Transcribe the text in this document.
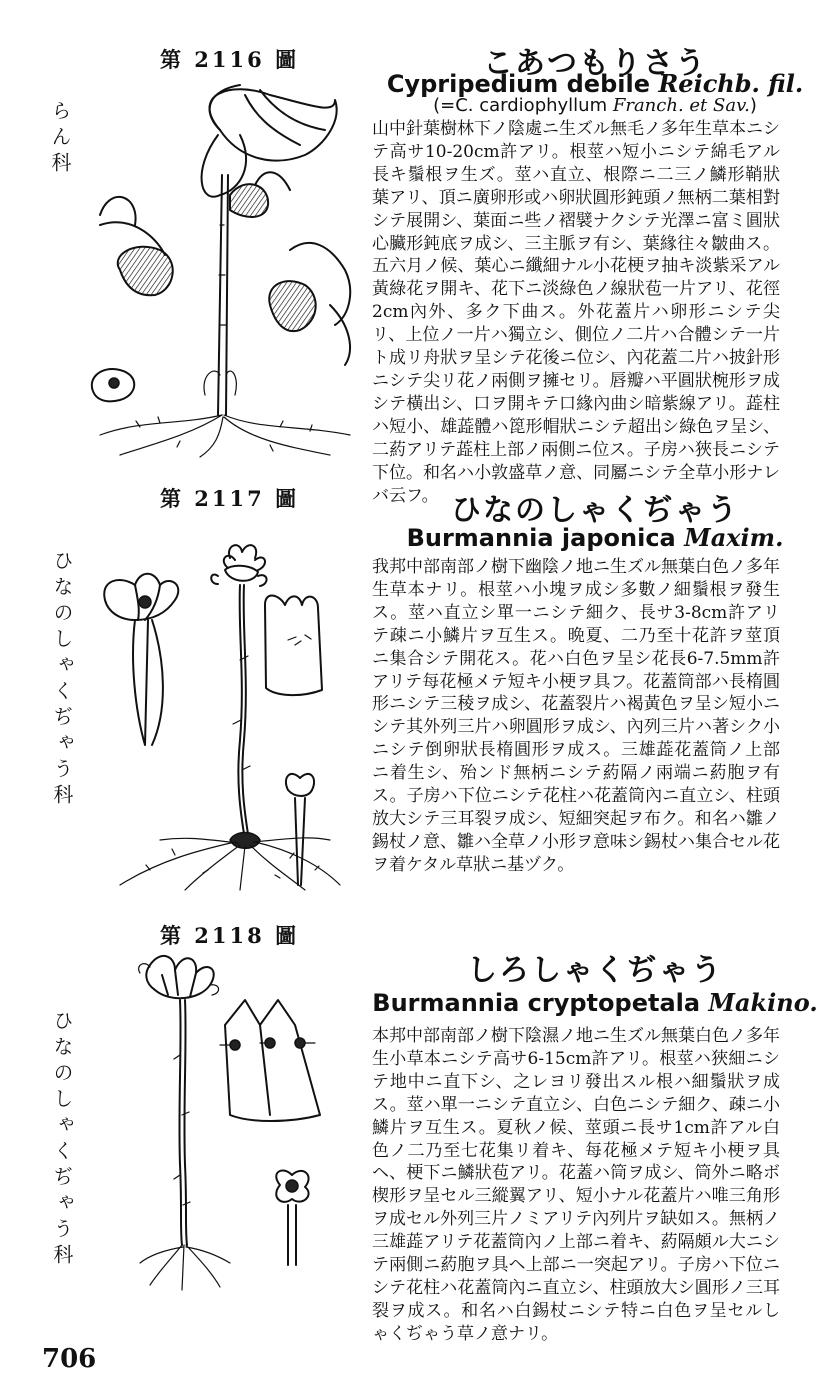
第 2116 圖
らん科
こあつもりさう
Cypripedium debile Reichb. fil.
(=C. cardiophyllum Franch. et Sav.)
山中針葉樹林下ノ陰處ニ生ズル無毛ノ多年生草本ニシテ高サ10-20cm許アリ。根莖ハ短小ニシテ綿毛アル長キ鬚根ヲ生ズ。莖ハ直立、根際ニ二三ノ鱗形鞘狀葉アリ、頂ニ廣卵形或ハ卵狀圓形鈍頭ノ無柄二葉相對シテ展開シ、葉面ニ些ノ褶襞ナクシテ光澤ニ富ミ圓狀心臟形鈍底ヲ成シ、三主脈ヲ有シ、葉緣往々皺曲ス。五六月ノ候、葉心ニ纖細ナル小花梗ヲ抽キ淡紫采アル黃綠花ヲ開キ、花下ニ淡綠色ノ線狀苞一片アリ、花徑2cm內外、多ク下曲ス。外花蓋片ハ卵形ニシテ尖リ、上位ノ一片ハ獨立シ、側位ノ二片ハ合體シテ一片ト成リ舟狀ヲ呈シテ花後ニ位シ、內花蓋二片ハ披針形ニシテ尖リ花ノ兩側ヲ擁セリ。唇瓣ハ平圓狀椀形ヲ成シテ橫出シ、口ヲ開キテ口緣內曲シ暗紫線アリ。蕋柱ハ短小、雄蕋體ハ箆形帽狀ニシテ超出シ綠色ヲ呈シ、二葯アリテ蕋柱上部ノ兩側ニ位ス。子房ハ狹長ニシテ下位。和名ハ小敦盛草ノ意、同屬ニシテ全草小形ナレバ云フ。
第 2117 圖
ひなのしゃくぢゃう科
ひなのしゃくぢゃう
Burmannia japonica Maxim.
我邦中部南部ノ樹下幽陰ノ地ニ生ズル無葉白色ノ多年生草本ナリ。根莖ハ小塊ヲ成シ多數ノ細鬚根ヲ發生ス。莖ハ直立シ單一ニシテ細ク、長サ3-8cm許アリテ疎ニ小鱗片ヲ互生ス。晩夏、二乃至十花許ヲ莖頂ニ集合シテ開花ス。花ハ白色ヲ呈シ花長6-7.5mm許アリテ每花極メテ短キ小梗ヲ具フ。花蓋筒部ハ長楕圓形ニシテ三稜ヲ成シ、花蓋裂片ハ褐黃色ヲ呈シ短小ニシテ其外列三片ハ卵圓形ヲ成シ、內列三片ハ著シク小ニシテ倒卵狀長楕圓形ヲ成ス。三雄蕋花蓋筒ノ上部ニ着生シ、殆ンド無柄ニシテ葯隔ノ兩端ニ葯胞ヲ有ス。子房ハ下位ニシテ花柱ハ花蓋筒內ニ直立シ、柱頭放大シテ三耳裂ヲ成シ、短細突起ヲ布ク。和名ハ雛ノ錫杖ノ意、雛ハ全草ノ小形ヲ意味シ錫杖ハ集合セル花ヲ着ケタル草狀ニ基ヅク。
第 2118 圖
ひなのしゃくぢゃう科
しろしゃくぢゃう
Burmannia cryptopetala Makino.
本邦中部南部ノ樹下陰濕ノ地ニ生ズル無葉白色ノ多年生小草本ニシテ高サ6-15cm許アリ。根莖ハ狹細ニシテ地中ニ直下シ、之レヨリ發出スル根ハ細鬚狀ヲ成ス。莖ハ單一ニシテ直立シ、白色ニシテ細ク、疎ニ小鱗片ヲ互生ス。夏秋ノ候、莖頭ニ長サ1cm許アル白色ノ二乃至七花集リ着キ、每花極メテ短キ小梗ヲ具ヘ、梗下ニ鱗狀苞アリ。花蓋ハ筒ヲ成シ、筒外ニ略ボ楔形ヲ呈セル三縱翼アリ、短小ナル花蓋片ハ唯三角形ヲ成セル外列三片ノミアリテ內列片ヲ缺如ス。無柄ノ三雄蕋アリテ花蓋筒內ノ上部ニ着キ、葯隔頗ル大ニシテ兩側ニ葯胞ヲ具ヘ上部ニ一突起アリ。子房ハ下位ニシテ花柱ハ花蓋筒內ニ直立シ、柱頭放大シ圓形ノ三耳裂ヲ成ス。和名ハ白錫杖ニシテ特ニ白色ヲ呈セルしゃくぢゃう草ノ意ナリ。
706
